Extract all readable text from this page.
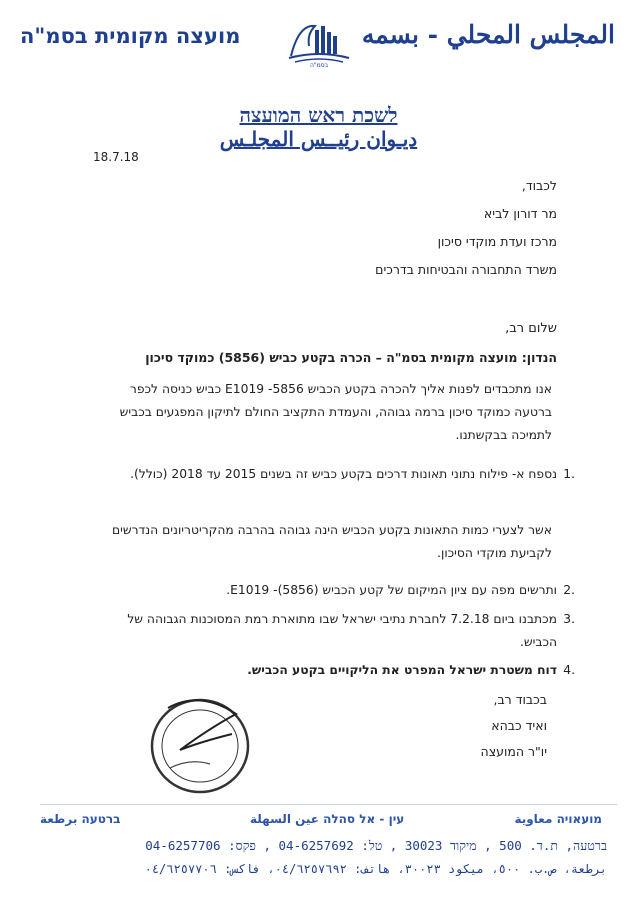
מועצה מקומית בסמ"ה
בסמ"ה
المجلس المحلي - بسمه
לשכת ראש המועצה
ديـوان رئيــس المجلـس
18.7.18
לכבוד,
מר דורון לביא
מרכז ועדת מוקדי סיכון
משרד התחבורה והבטיחות בדרכים
שלום רב,
הנדון: מועצה מקומית בסמ"ה – הכרה בקטע כביש (5856) כמוקד סיכון
אנו מתכבדים לפנות אליך להכרה בקטע הכביש 5856- E1019 כביש כניסה לכפר ברטעה כמוקד סיכון ברמה גבוהה, והעמדת התקציב החולם לתיקון המפגעים בכביש לתמיכה בבקשתנו.
.1
נספח א- פילוח נתוני תאונות דרכים בקטע כביש זה בשנים 2015 עד 2018 (כולל).
אשר לצערי כמות התאונות בקטע הכביש הינה גבוהה בהרבה מהקריטריונים הנדרשים לקביעת מוקדי הסיכון.
.2
ותרשים מפה עם ציון המיקום של קטע הכביש (5856)- E1019.
.3
מכתבנו ביום 7.2.18 לחברת נתיבי ישראל שבו מתוארת רמת המסוכנות הגבוהה של הכביש.
.4
דוח משטרת ישראל המפרט את הליקויים בקטע הכביש.
בכבוד רב,
ואיד כבהא
יו"ר המועצה
ברטעה برطعة	עין - אל סהלה عين السهلة	מועאויה معاوية
ברטעה, ת.ד. 500 , מיקוד 30023 , טל: 04-6257692 , פקס: 04-6257706
برطعة، ص.ب. ٥٠٠، ميكود ٣٠٠٢٣، هاتف: ٠٤/٦٢٥٧٦٩٢، فاكس: ٠٤/٦٢٥٧٧٠٦
